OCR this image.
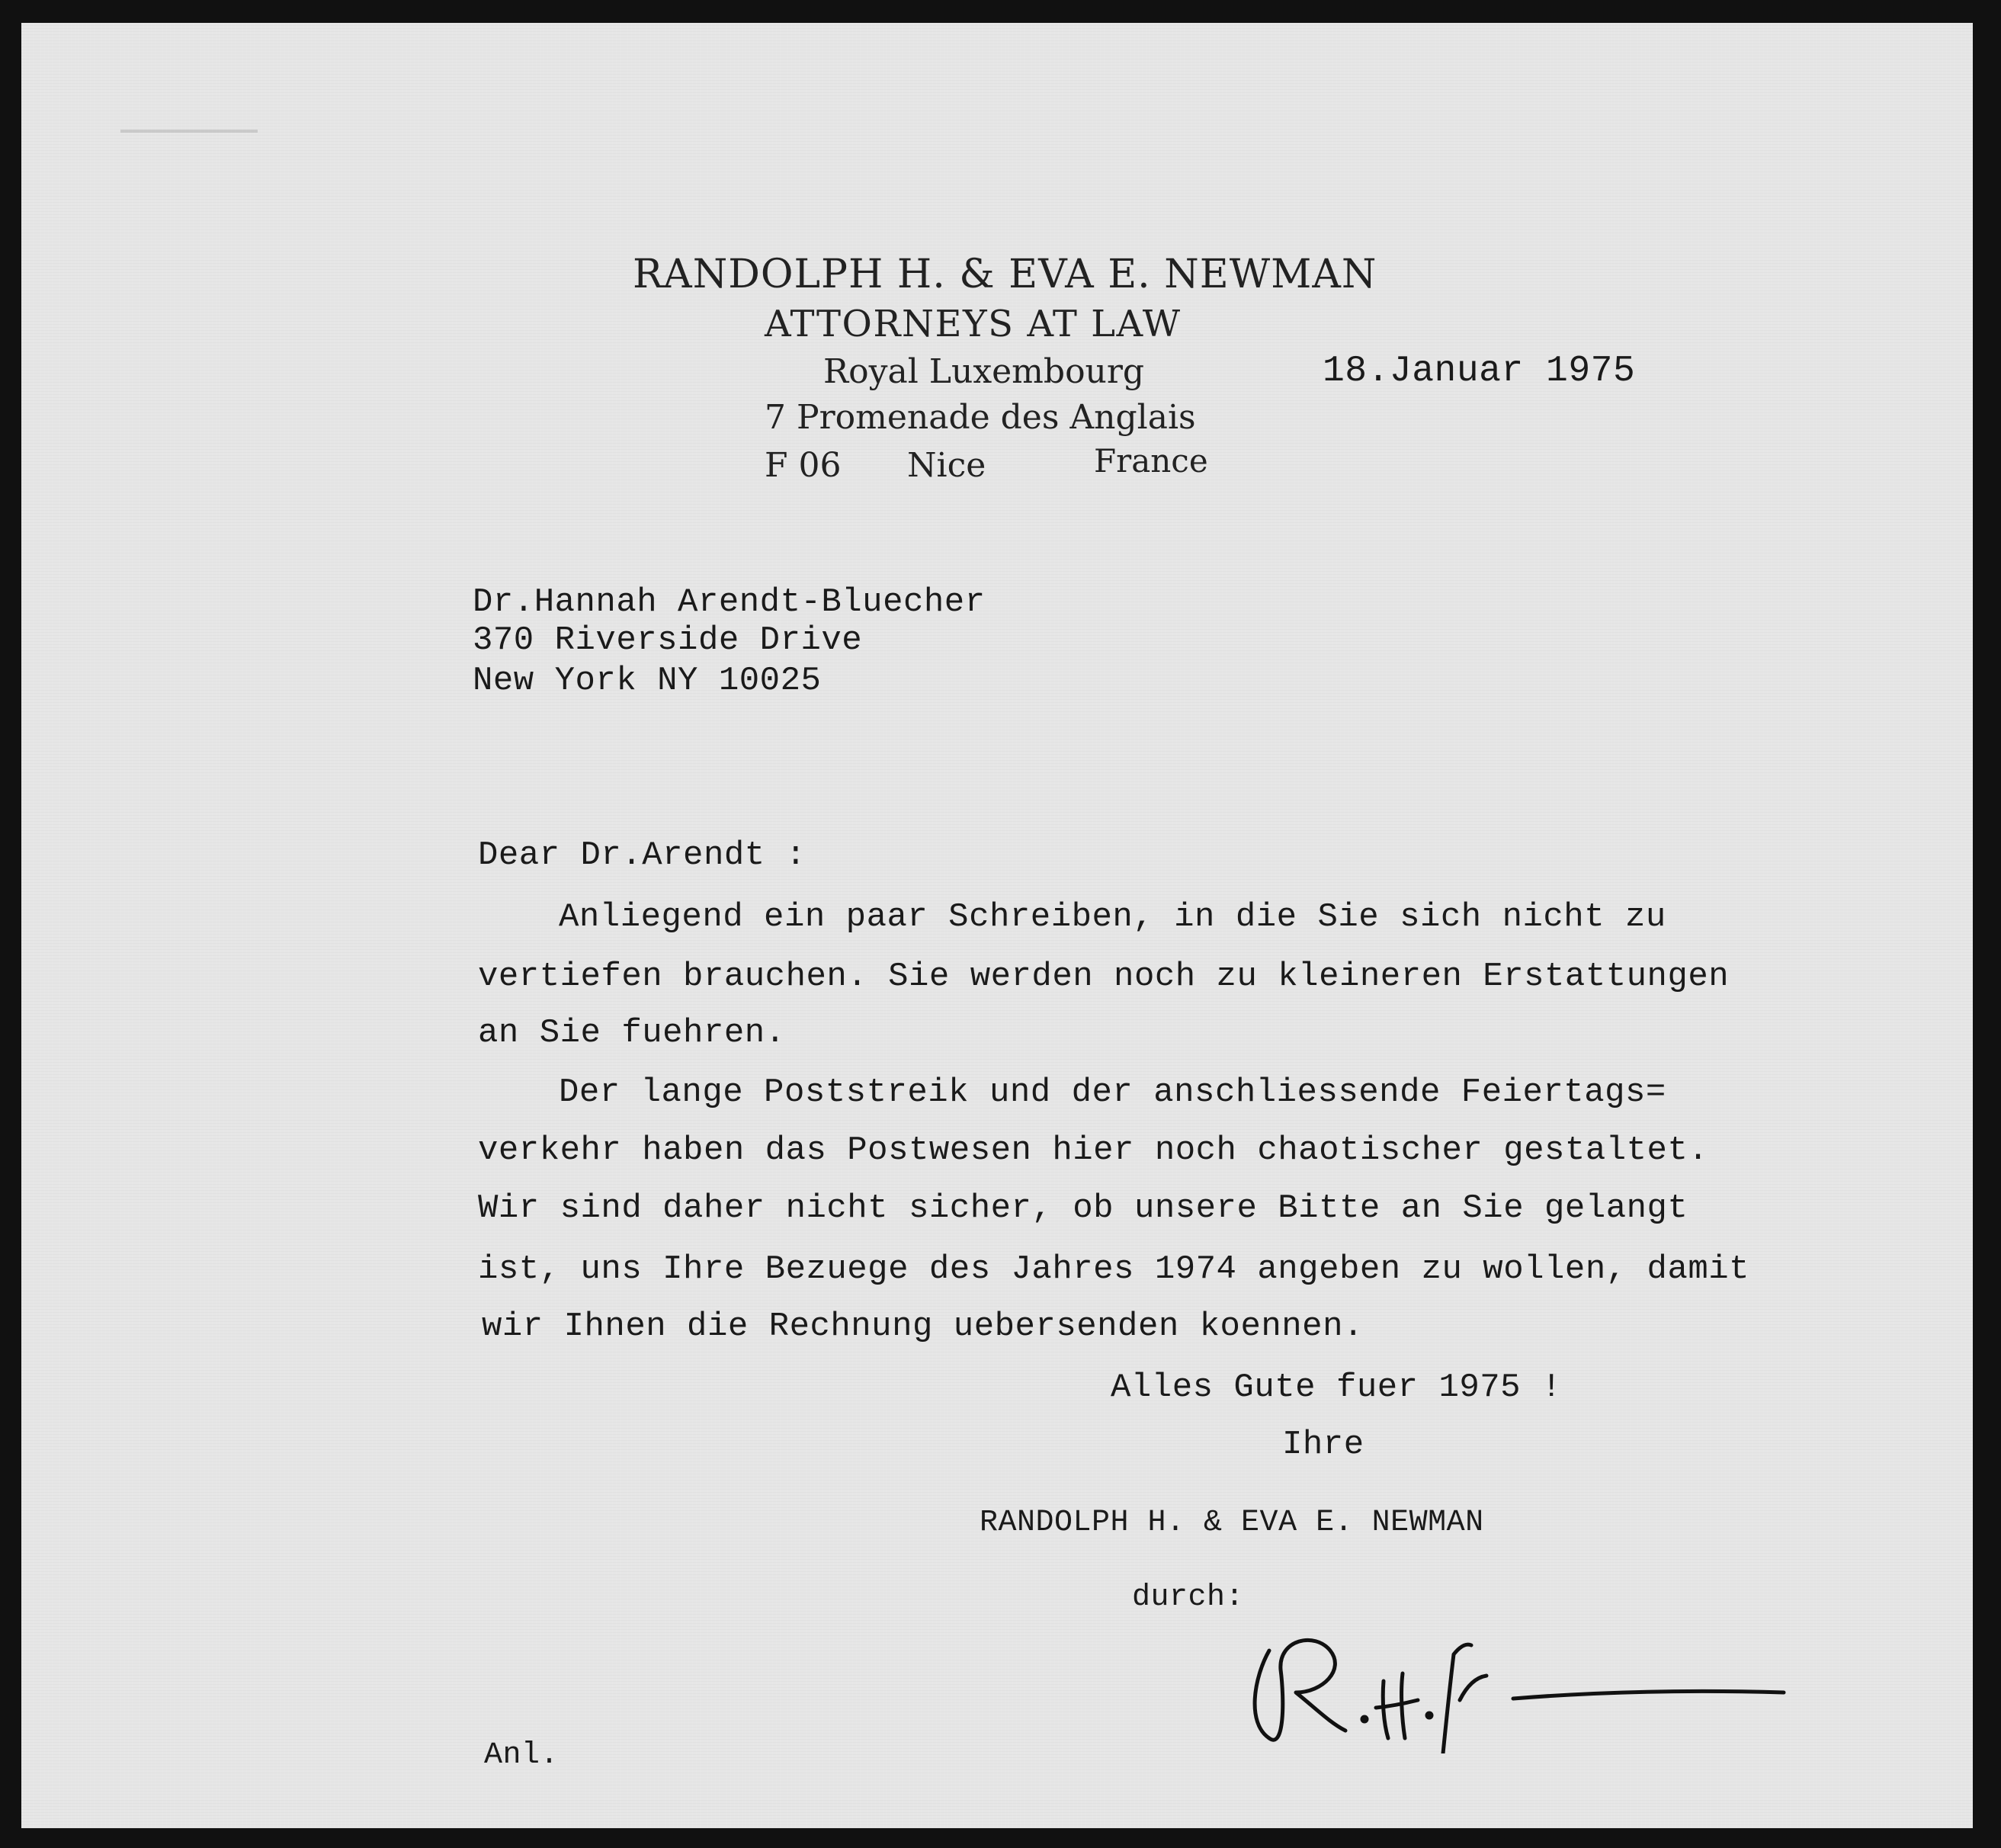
RANDOLPH H. & EVA E. NEWMAN
ATTORNEYS AT LAW
Royal Luxembourg
7 Promenade des Anglais
F 06 Nice	France
18.Januar 1975
Dr.Hannah Arendt-Bluecher
370 Riverside Drive
New York NY 10025
Dear Dr.Arendt :
Anliegend ein paar Schreiben, in die Sie sich nicht zu
vertiefen brauchen. Sie werden noch zu kleineren Erstattungen
an Sie fuehren.
Der lange Poststreik und der anschliessende Feiertags=
verkehr haben das Postwesen hier noch chaotischer gestaltet.
Wir sind daher nicht sicher, ob unsere Bitte an Sie gelangt
ist, uns Ihre Bezuege des Jahres 1974 angeben zu wollen, damit
wir Ihnen die Rechnung uebersenden koennen.
Alles Gute fuer 1975 !
Ihre
RANDOLPH H. & EVA E. NEWMAN
durch:
Anl.
